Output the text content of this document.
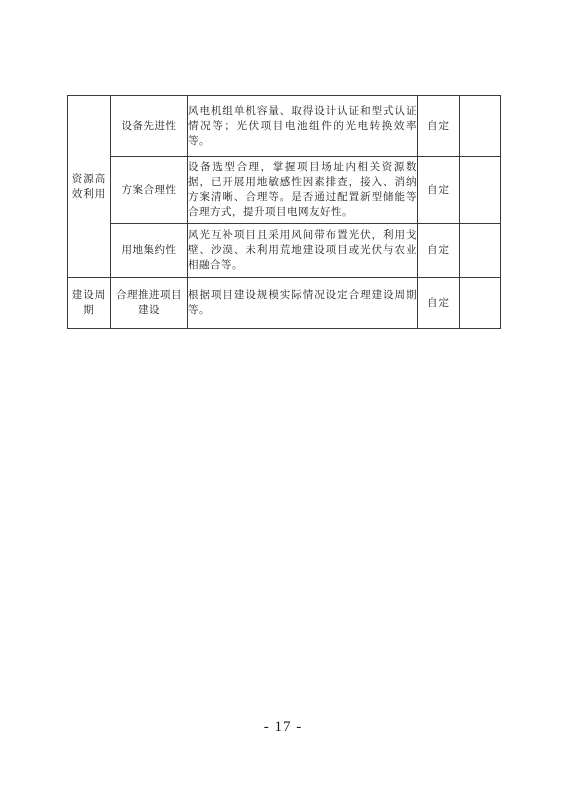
资源高效利用	设备先进性	风电机组单机容量、取得设计认证和型式认证情况等；光伏项目电池组件的光电转换效率等。	自定	
	方案合理性	设备选型合理，掌握项目场址内相关资源数据，已开展用地敏感性因素排查，接入、消纳方案清晰、合理等。是否通过配置新型储能等合理方式，提升项目电网友好性。	自定	
	用地集约性	风光互补项目且采用风间带布置光伏，利用戈壁、沙漠、未利用荒地建设项目或光伏与农业相融合等。	自定	
建设周期	合理推进项目建设	根据项目建设规模实际情况设定合理建设周期等。	自定	
- 17 -
